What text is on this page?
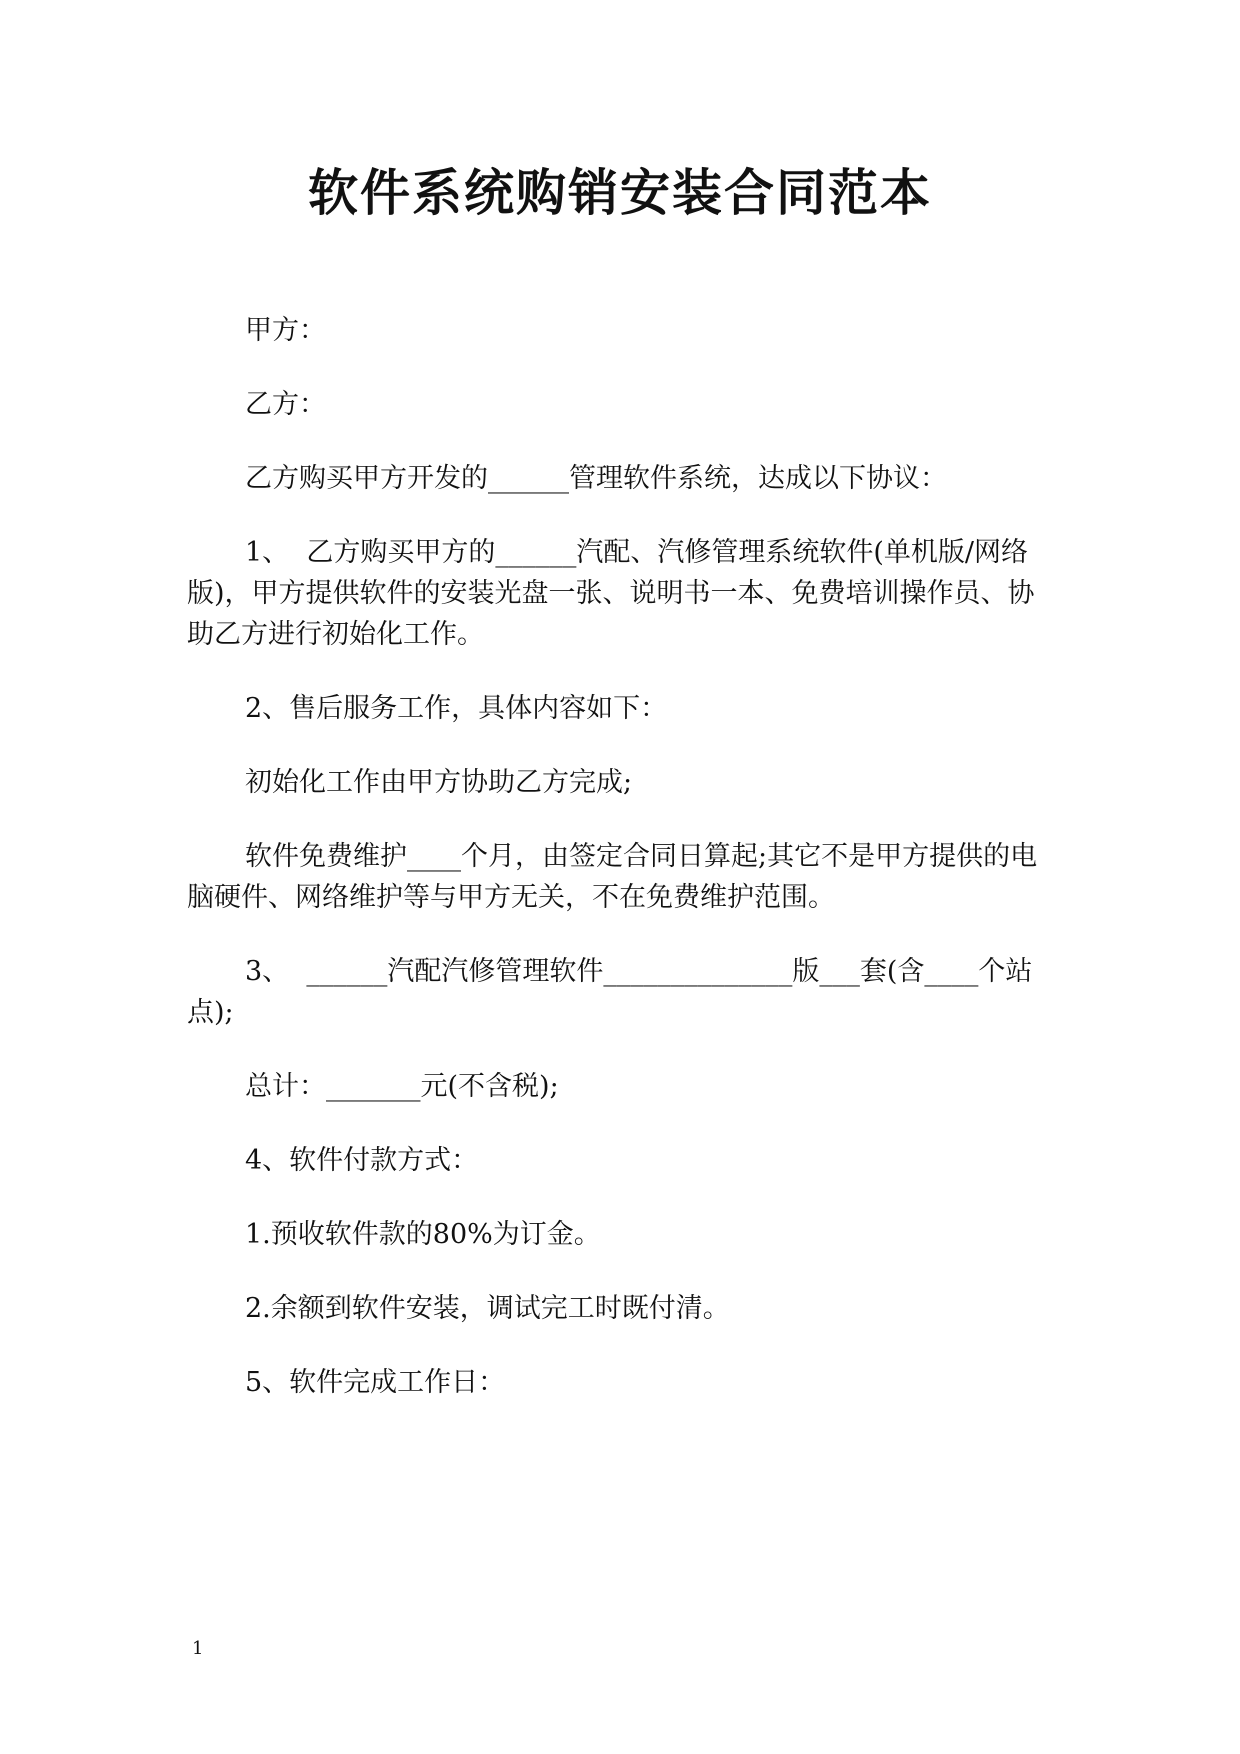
软件系统购销安装合同范本

甲方：

乙方：

乙方购买甲方开发的______管理软件系统，达成以下协议：

1、  乙方购买甲方的______汽配、汽修管理系统软件(单机版/网络版)，甲方提供软件的安装光盘一张、说明书一本、免费培训操作员、协助乙方进行初始化工作。

2、售后服务工作，具体内容如下：

初始化工作由甲方协助乙方完成;

软件免费维护____个月，由签定合同日算起;其它不是甲方提供的电脑硬件、网络维护等与甲方无关，不在免费维护范围。

3、  ______汽配汽修管理软件______________版___套(含____个站点);

总计：_______元(不含税);

4、软件付款方式：

1.预收软件款的80%为订金。

2.余额到软件安装，调试完工时既付清。

5、软件完成工作日：

1
